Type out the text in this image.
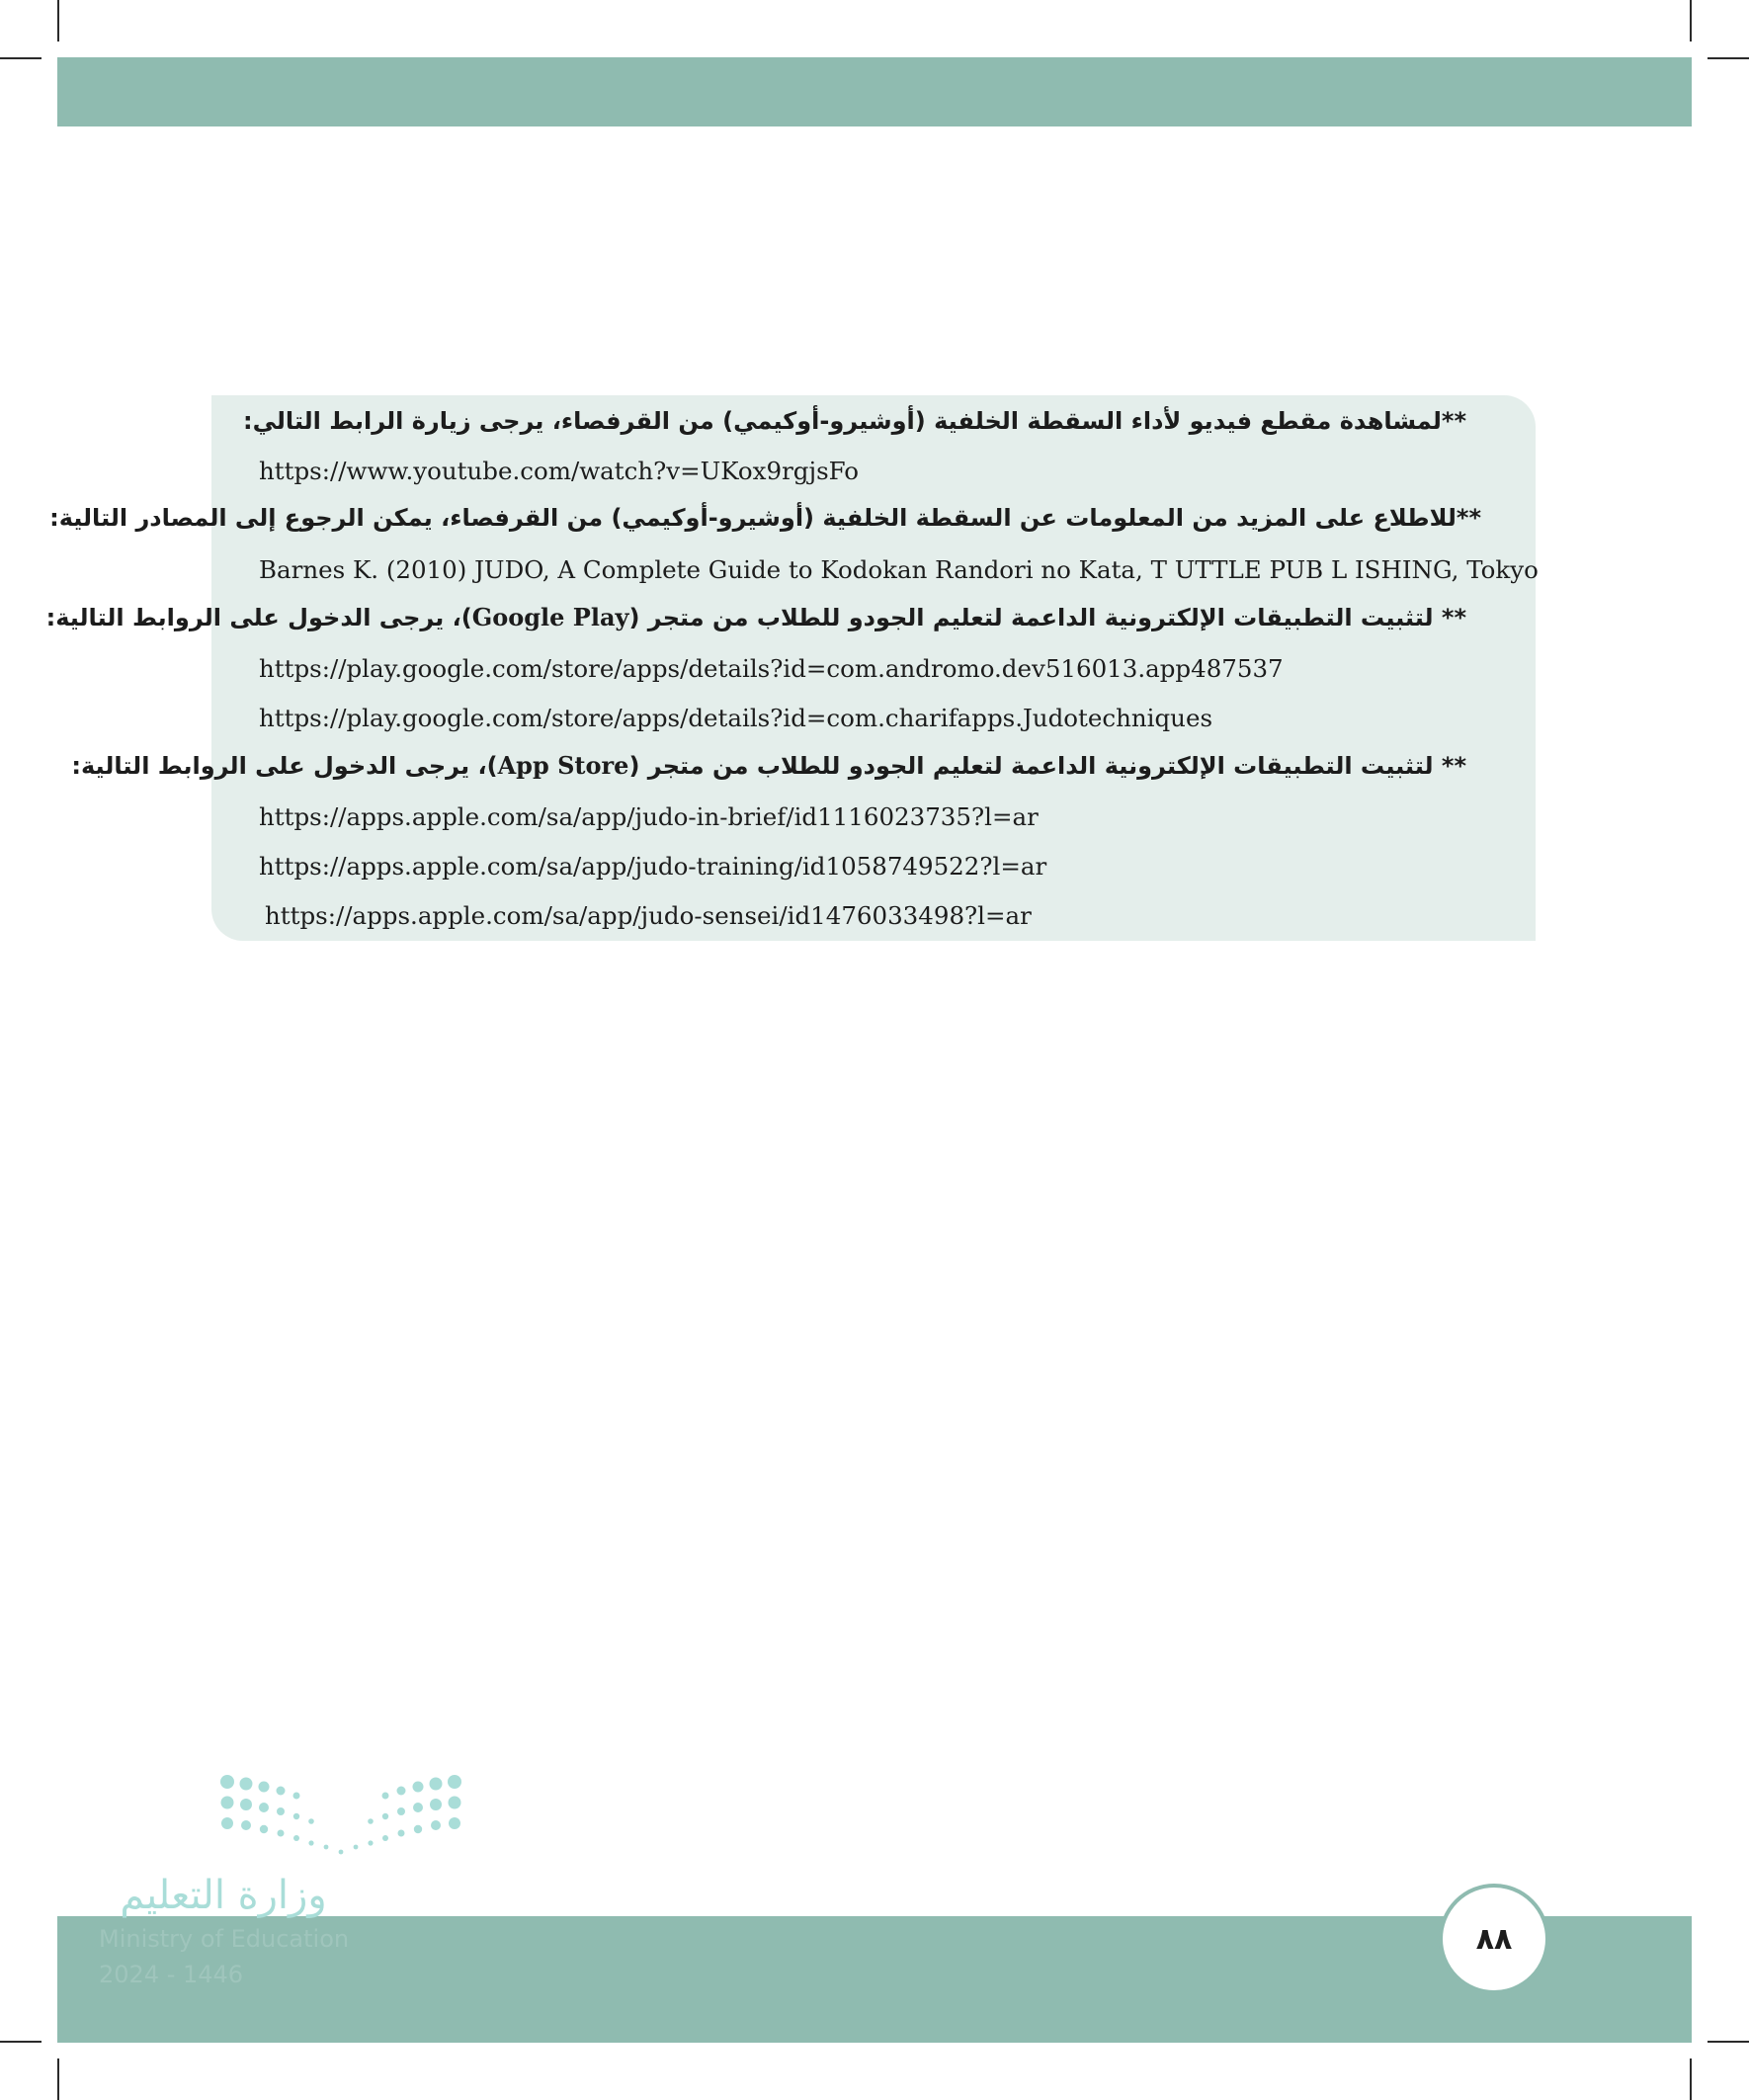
**لمشاهدة مقطع فيديو لأداء السقطة الخلفية (أوشيرو-أوكيمي) من القرفصاء، يرجى زيارة الرابط التالي:
https://www.youtube.com/watch?v=UKox9rgjsFo
**للاطلاع على المزيد من المعلومات عن السقطة الخلفية (أوشيرو-أوكيمي) من القرفصاء، يمكن الرجوع إلى المصادر التالية:
Barnes K. (2010) JUDO, A Complete Guide to Kodokan Randori no Kata, T UTTLE PUB L ISHING, Tokyo
** لتثبيت التطبيقات الإلكترونية الداعمة لتعليم الجودو للطلاب من متجر (Google Play)، يرجى الدخول على الروابط التالية:
https://play.google.com/store/apps/details?id=com.andromo.dev516013.app487537
https://play.google.com/store/apps/details?id=com.charifapps.Judotechniques
** لتثبيت التطبيقات الإلكترونية الداعمة لتعليم الجودو للطلاب من متجر (App Store)، يرجى الدخول على الروابط التالية:
https://apps.apple.com/sa/app/judo-in-brief/id1116023735?l=ar
https://apps.apple.com/sa/app/judo-training/id1058749522?l=ar
https://apps.apple.com/sa/app/judo-sensei/id1476033498?l=ar
وزارة التعليم
Ministry of Education
2024 - 1446
٨٨
